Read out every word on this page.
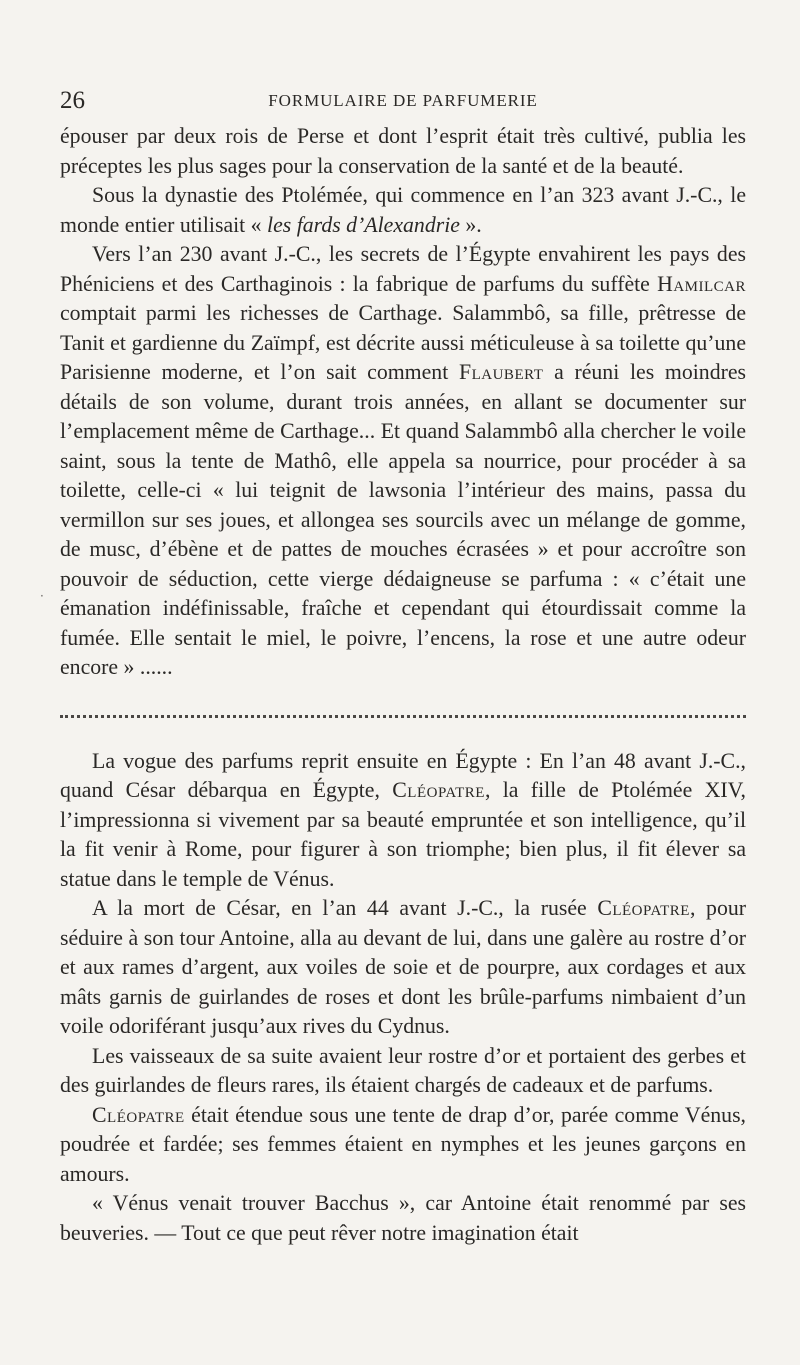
26	FORMULAIRE DE PARFUMERIE
·

épouser par deux rois de Perse et dont l’esprit était très cultivé, publia les préceptes les plus sages pour la conservation de la santé et de la beauté.

Sous la dynastie des Ptolémée, qui commence en l’an 323 avant J.-C., le monde entier utilisait « les fards d’Alexandrie ».

Vers l’an 230 avant J.-C., les secrets de l’Égypte envahirent les pays des Phéniciens et des Carthaginois : la fabrique de parfums du suffète Hamilcar comptait parmi les richesses de Carthage. Salammbô, sa fille, prêtresse de Tanit et gardienne du Zaïmpf, est décrite aussi méticuleuse à sa toilette qu’une Parisienne moderne, et l’on sait comment Flaubert a réuni les moindres détails de son volume, durant trois années, en allant se documenter sur l’emplacement même de Carthage... Et quand Salammbô alla chercher le voile saint, sous la tente de Mathô, elle appela sa nourrice, pour procéder à sa toilette, celle-ci « lui teignit de lawsonia l’intérieur des mains, passa du vermillon sur ses joues, et allongea ses sourcils avec un mélange de gomme, de musc, d’ébène et de pattes de mouches écrasées » et pour accroître son pouvoir de séduction, cette vierge dédaigneuse se parfuma : « c’était une émanation indéfinissable, fraîche et cependant qui étourdissait comme la fumée. Elle sentait le miel, le poivre, l’encens, la rose et une autre odeur encore » ......

La vogue des parfums reprit ensuite en Égypte : En l’an 48 avant J.-C., quand César débarqua en Égypte, Cléopatre, la fille de Ptolémée XIV, l’impressionna si vivement par sa beauté empruntée et son intelligence, qu’il la fit venir à Rome, pour figurer à son triomphe; bien plus, il fit élever sa statue dans le temple de Vénus.

A la mort de César, en l’an 44 avant J.-C., la rusée Cléopatre, pour séduire à son tour Antoine, alla au devant de lui, dans une galère au rostre d’or et aux rames d’argent, aux voiles de soie et de pourpre, aux cordages et aux mâts garnis de guirlandes de roses et dont les brûle-parfums nimbaient d’un voile odoriférant jusqu’aux rives du Cydnus.

Les vaisseaux de sa suite avaient leur rostre d’or et portaient des gerbes et des guirlandes de fleurs rares, ils étaient chargés de cadeaux et de parfums.

Cléopatre était étendue sous une tente de drap d’or, parée comme Vénus, poudrée et fardée; ses femmes étaient en nymphes et les jeunes garçons en amours.

« Vénus venait trouver Bacchus », car Antoine était renommé par ses beuveries. — Tout ce que peut rêver notre imagination était
